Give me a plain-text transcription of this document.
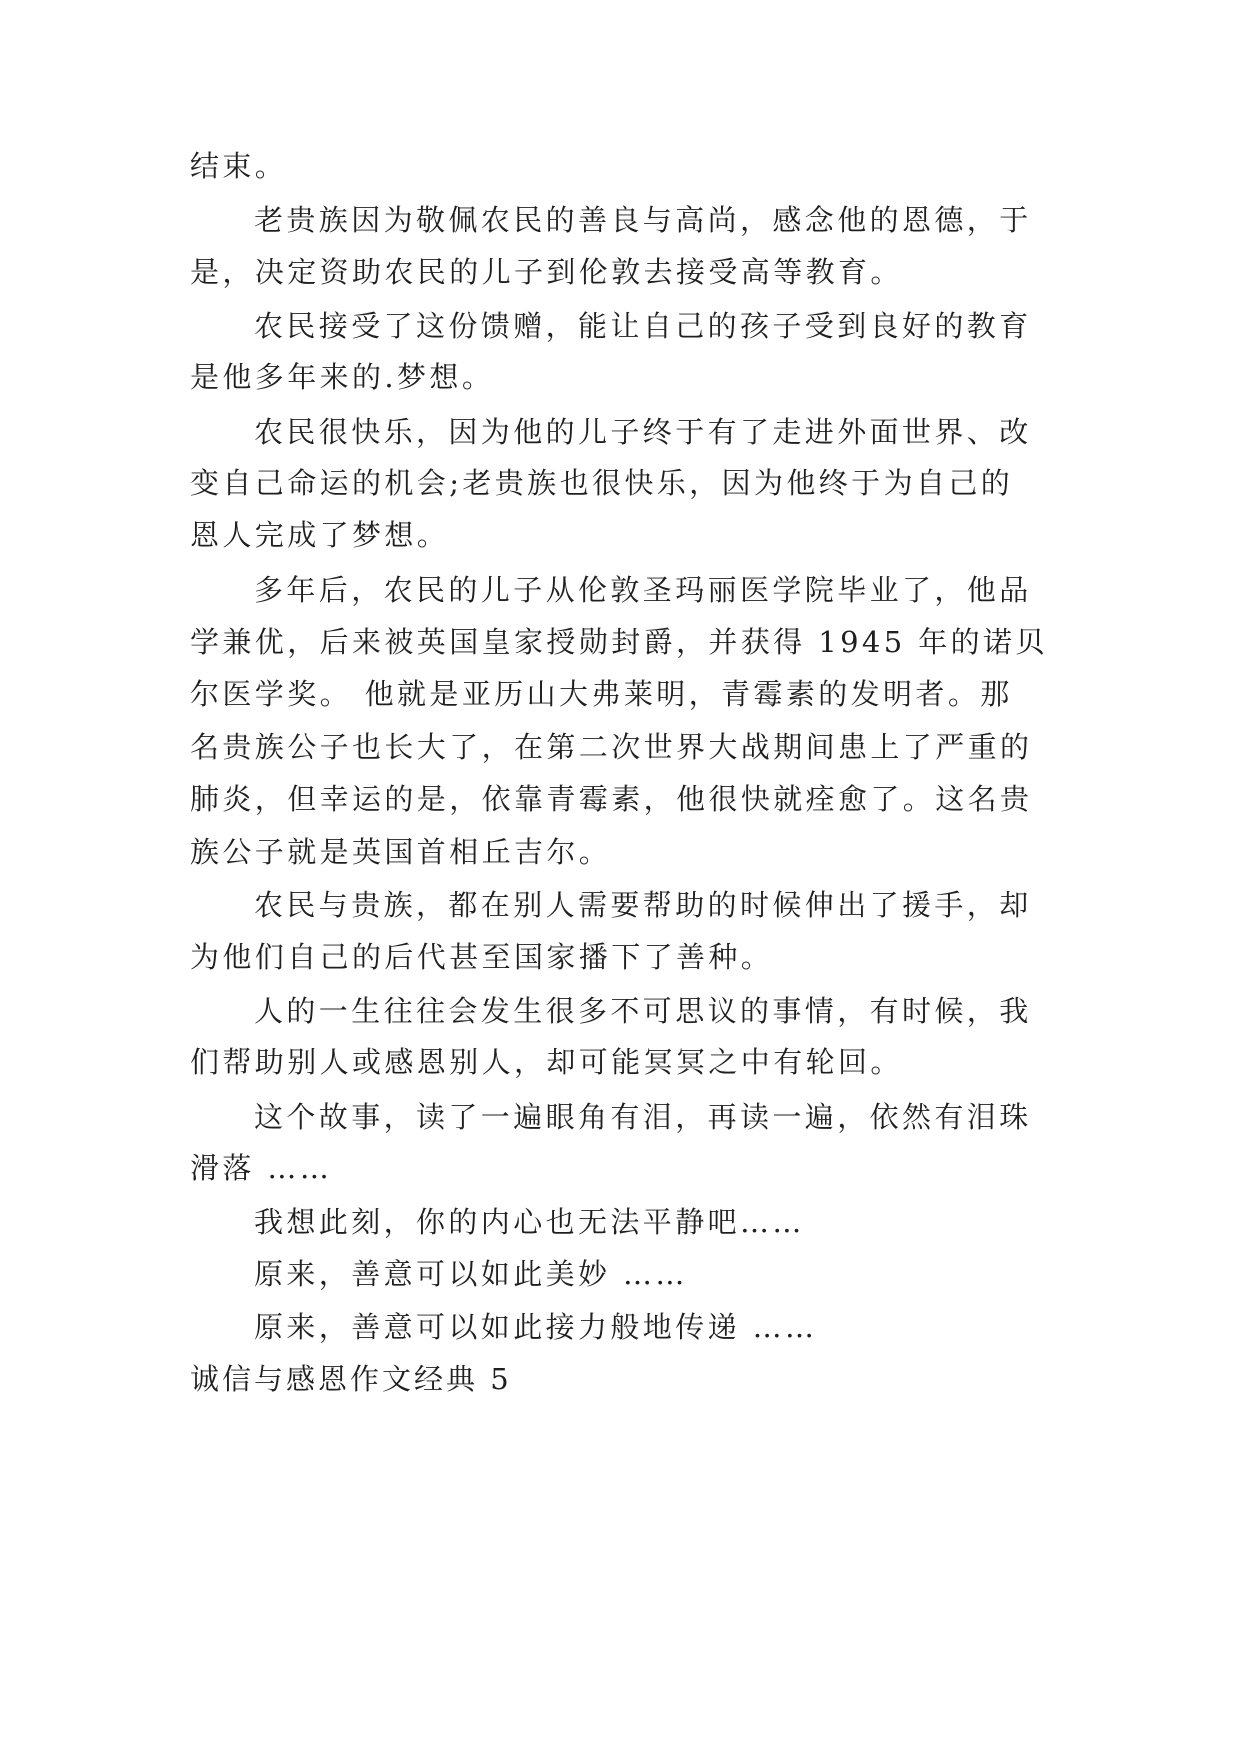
结束。
老贵族因为敬佩农民的善良与高尚，感念他的恩德，于
是，决定资助农民的儿子到伦敦去接受高等教育。
农民接受了这份馈赠，能让自己的孩子受到良好的教育
是他多年来的.梦想。
农民很快乐，因为他的儿子终于有了走进外面世界、改
变自己命运的机会;老贵族也很快乐，因为他终于为自己的
恩人完成了梦想。
多年后，农民的儿子从伦敦圣玛丽医学院毕业了，他品
学兼优，后来被英国皇家授勋封爵，并获得 1945 年的诺贝
尔医学奖。 他就是亚历山大弗莱明，青霉素的发明者。那
名贵族公子也长大了，在第二次世界大战期间患上了严重的
肺炎，但幸运的是，依靠青霉素，他很快就痊愈了。这名贵
族公子就是英国首相丘吉尔。
农民与贵族，都在别人需要帮助的时候伸出了援手，却
为他们自己的后代甚至国家播下了善种。
人的一生往往会发生很多不可思议的事情，有时候，我
们帮助别人或感恩别人，却可能冥冥之中有轮回。
这个故事，读了一遍眼角有泪，再读一遍，依然有泪珠
滑落 ……
我想此刻，你的内心也无法平静吧……
原来，善意可以如此美妙 ……
原来，善意可以如此接力般地传递 ……
诚信与感恩作文经典 5
